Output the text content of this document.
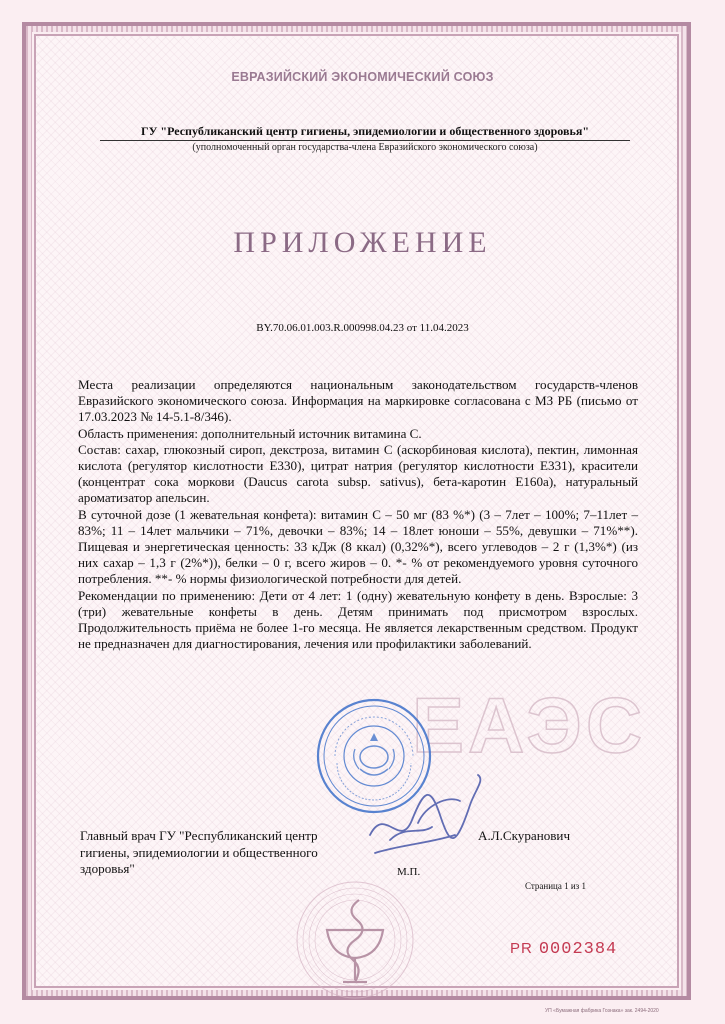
ЕВРАЗИЙСКИЙ ЭКОНОМИЧЕСКИЙ СОЮЗ
ГУ "Республиканский центр гигиены, эпидемиологии и общественного здоровья"
(уполномоченный орган государства-члена Евразийского экономического союза)
ПРИЛОЖЕНИЕ
BY.70.06.01.003.R.000998.04.23 от 11.04.2023
ЕАЭС

Места реализации определяются национальным законодательством государств-членов Евразийского экономического союза. Информация на маркировке согласована с МЗ РБ (письмо от 17.03.2023 № 14-5.1-8/346).

Область применения: дополнительный источник витамина С.

Состав: сахар, глюкозный сироп, декстроза, витамин С (аскорбиновая кислота), пектин, лимонная кислота (регулятор кислотности Е330), цитрат натрия (регулятор кислотности Е331), красители (концентрат сока моркови (Daucus carota subsp. sativus), бета-каротин Е160а), натуральный ароматизатор апельсин.

В суточной дозе (1 жевательная конфета): витамин С – 50 мг (83 %*) (3 – 7лет – 100%; 7–11лет – 83%; 11 – 14лет мальчики – 71%, девочки – 83%; 14 – 18лет юноши – 55%, девушки – 71%**). Пищевая и энергетическая ценность: 33 кДж (8 ккал) (0,32%*), всего углеводов – 2 г (1,3%*) (из них сахар – 1,3 г (2%*)), белки – 0 г, всего жиров – 0. *- % от рекомендуемого уровня суточного потребления. **- % нормы физиологической потребности для детей.

Рекомендации по применению: Дети от 4 лет: 1 (одну) жевательную конфету в день. Взрослые: 3 (три) жевательные конфеты в день. Детям принимать под присмотром взрослых. Продолжительность приёма не более 1-го месяца. Не является лекарственным средством. Продукт не предназначен для диагностирования, лечения или профилактики заболеваний.

Главный врач ГУ "Республиканский центр гигиены, эпидемиологии и общественного здоровья"
А.Л.Скуранович
М.П.
Страница 1 из 1
PR 0002384
УП «Бумажная фабрика Гознака» зак. 2494-2020
